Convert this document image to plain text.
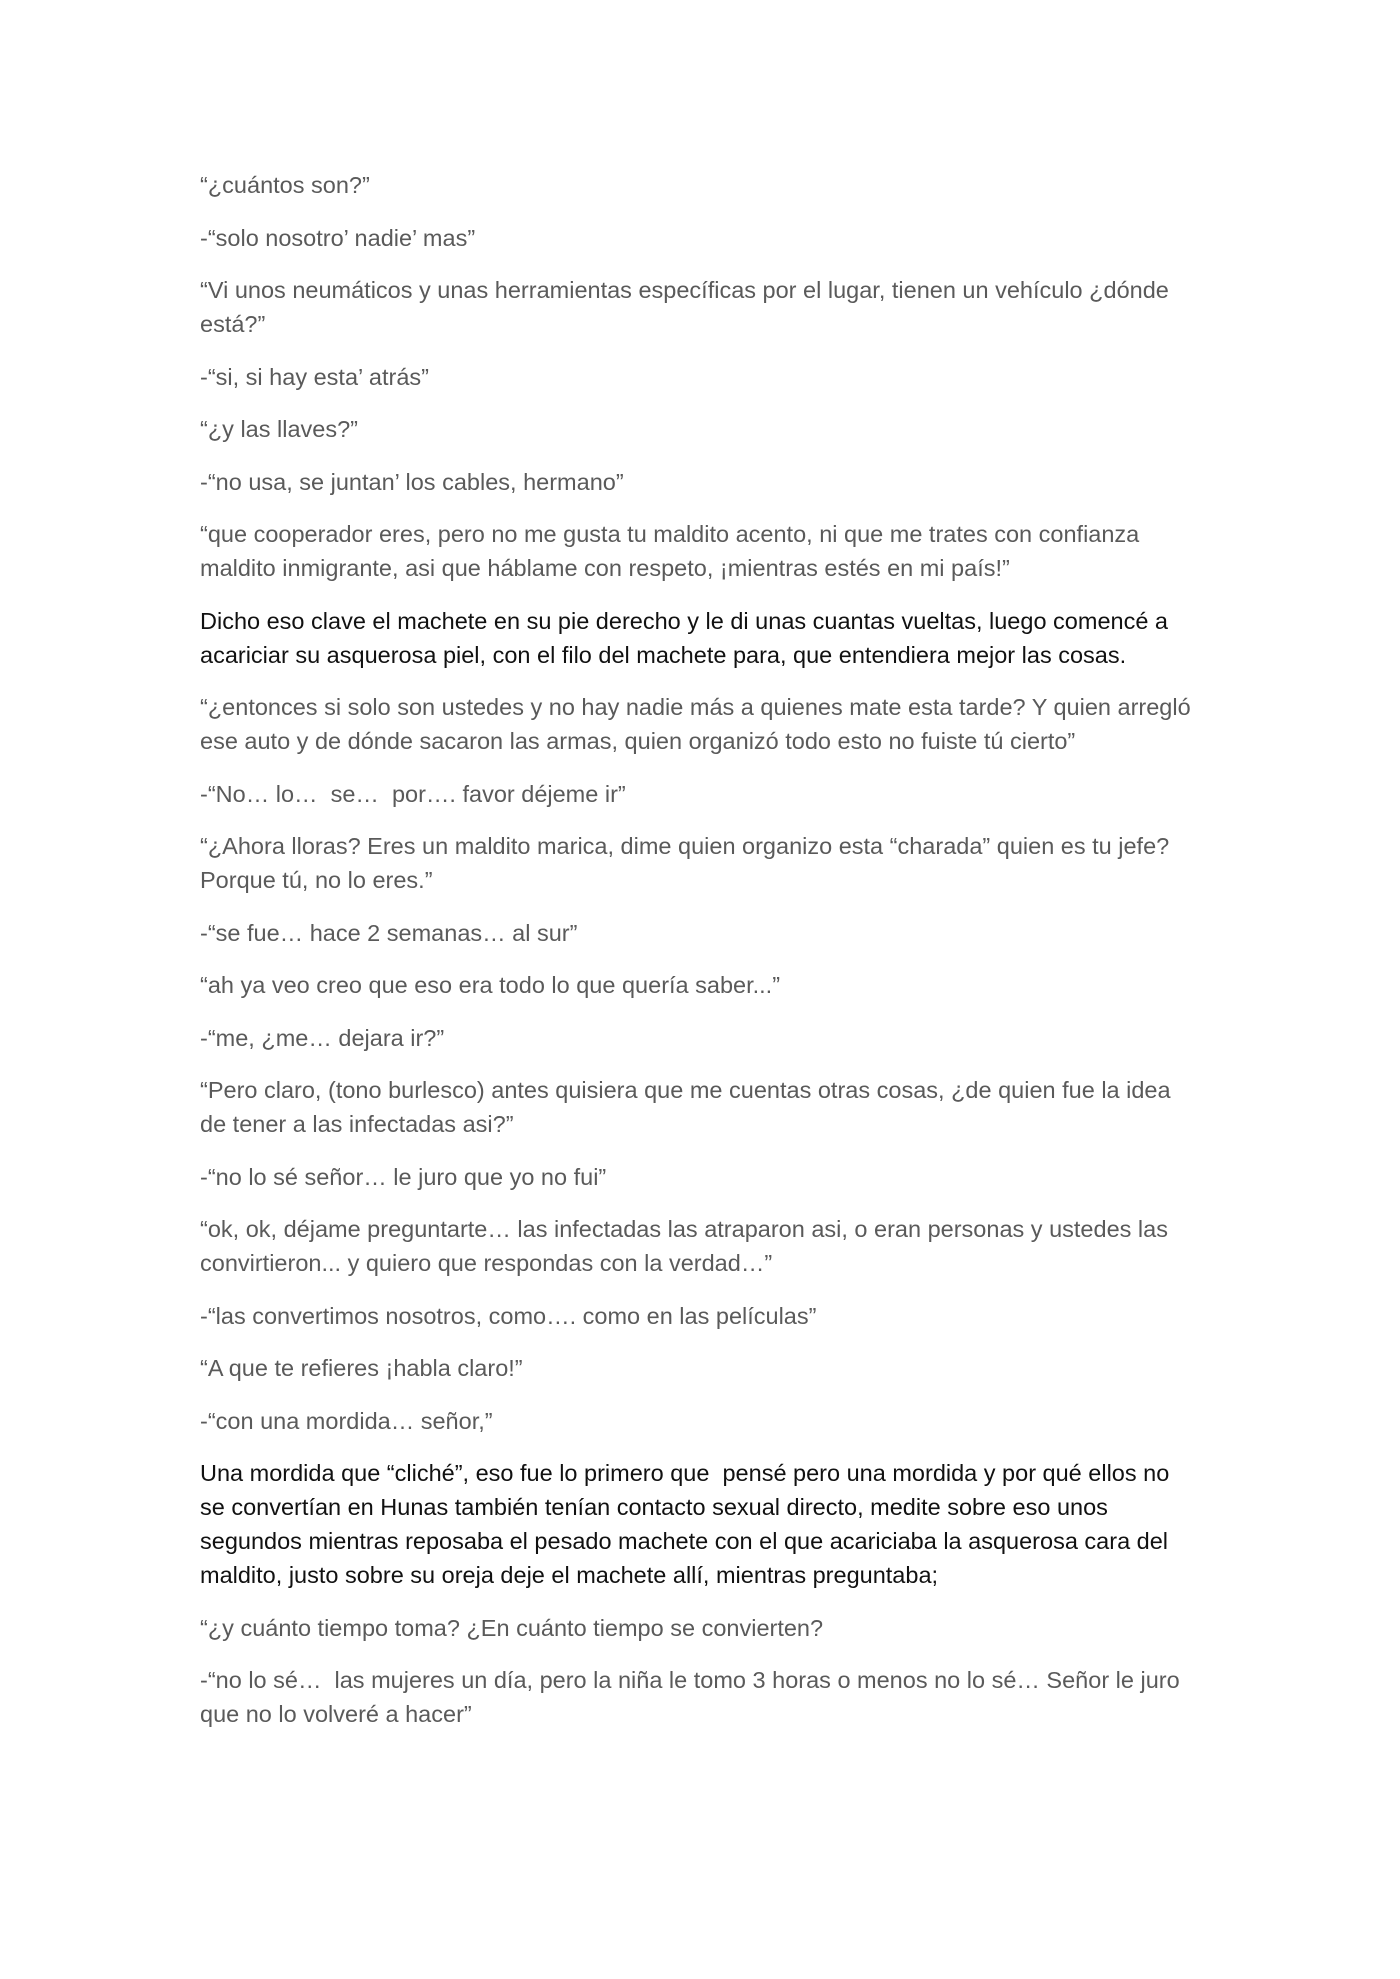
“¿cuántos son?”

-“solo nosotro’ nadie’ mas”

“Vi unos neumáticos y unas herramientas específicas por el lugar, tienen un vehículo ¿dónde está?”

-“si, si hay esta’ atrás”

“¿y las llaves?”

-“no usa, se juntan’ los cables, hermano”

“que cooperador eres, pero no me gusta tu maldito acento, ni que me trates con confianza maldito inmigrante, asi que háblame con respeto, ¡mientras estés en mi país!”

Dicho eso clave el machete en su pie derecho y le di unas cuantas vueltas, luego comencé a acariciar su asquerosa piel, con el filo del machete para, que entendiera mejor las cosas.

“¿entonces si solo son ustedes y no hay nadie más a quienes mate esta tarde? Y quien arregló ese auto y de dónde sacaron las armas, quien organizó todo esto no fuiste tú cierto”

-“No… lo…  se…  por…. favor déjeme ir”

“¿Ahora lloras? Eres un maldito marica, dime quien organizo esta “charada” quien es tu jefe? Porque tú, no lo eres.”

-“se fue… hace 2 semanas… al sur”

“ah ya veo creo que eso era todo lo que quería saber...”

-“me, ¿me… dejara ir?”

“Pero claro, (tono burlesco) antes quisiera que me cuentas otras cosas, ¿de quien fue la idea de tener a las infectadas asi?”

-“no lo sé señor… le juro que yo no fui”

“ok, ok, déjame preguntarte… las infectadas las atraparon asi, o eran personas y ustedes las convirtieron... y quiero que respondas con la verdad…”

-“las convertimos nosotros, como…. como en las películas”

“A que te refieres ¡habla claro!”

-“con una mordida… señor,”

Una mordida que “cliché”, eso fue lo primero que  pensé pero una mordida y por qué ellos no se convertían en Hunas también tenían contacto sexual directo, medite sobre eso unos segundos mientras reposaba el pesado machete con el que acariciaba la asquerosa cara del maldito, justo sobre su oreja deje el machete allí, mientras preguntaba;

“¿y cuánto tiempo toma? ¿En cuánto tiempo se convierten?

-“no lo sé…  las mujeres un día, pero la niña le tomo 3 horas o menos no lo sé… Señor le juro que no lo volveré a hacer”
